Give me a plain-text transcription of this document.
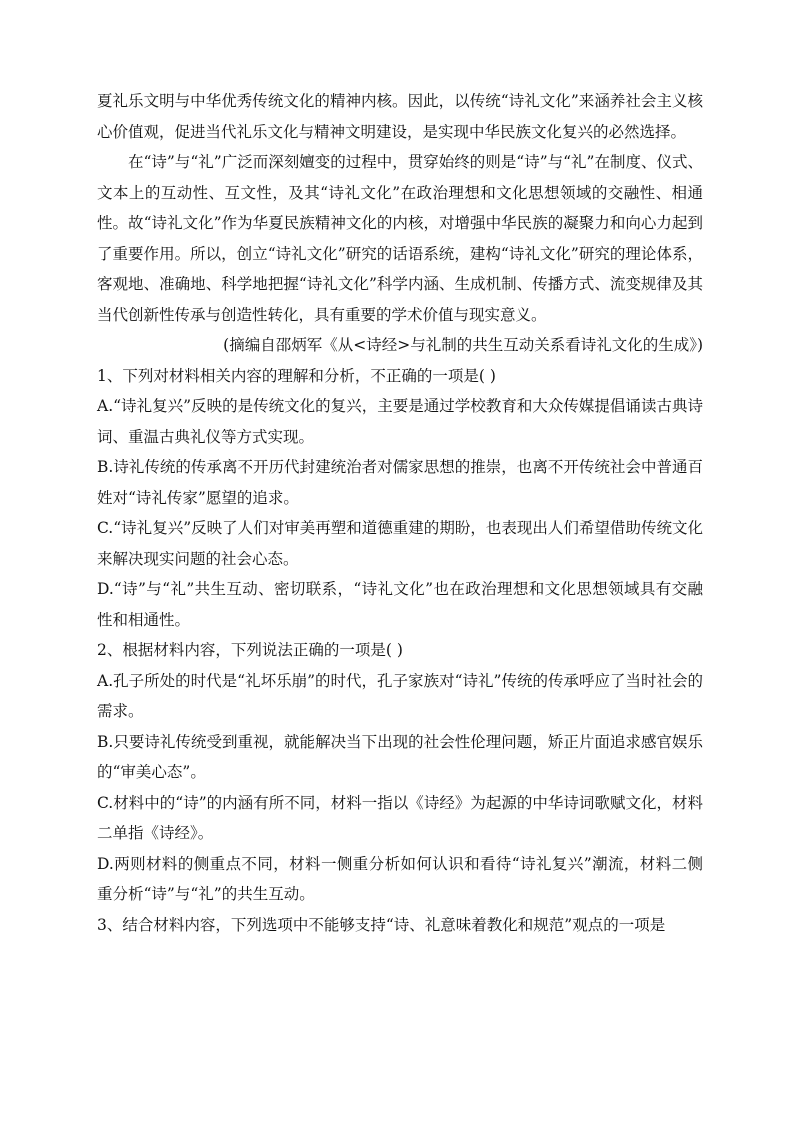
夏礼乐文明与中华优秀传统文化的精神内核。因此，以传统“诗礼文化”来涵养社会主义核心价值观，促进当代礼乐文化与精神文明建设，是实现中华民族文化复兴的必然选择。

在“诗”与“礼”广泛而深刻嬗变的过程中，贯穿始终的则是“诗”与“礼”在制度、仪式、文本上的互动性、互文性，及其“诗礼文化”在政治理想和文化思想领域的交融性、相通性。故“诗礼文化”作为华夏民族精神文化的内核，对增强中华民族的凝聚力和向心力起到了重要作用。所以，创立“诗礼文化”研究的话语系统，建构“诗礼文化”研究的理论体系，客观地、准确地、科学地把握“诗礼文化”科学内涵、生成机制、传播方式、流变规律及其当代创新性传承与创造性转化，具有重要的学术价值与现实意义。

(摘编自邵炳军《从<诗经>与礼制的共生互动关系看诗礼文化的生成》)

1、下列对材料相关内容的理解和分析，不正确的一项是( )

A.“诗礼复兴”反映的是传统文化的复兴，主要是通过学校教育和大众传媒提倡诵读古典诗词、重温古典礼仪等方式实现。

B.诗礼传统的传承离不开历代封建统治者对儒家思想的推崇，也离不开传统社会中普通百姓对“诗礼传家”愿望的追求。

C.“诗礼复兴”反映了人们对审美再塑和道德重建的期盼，也表现出人们希望借助传统文化来解决现实问题的社会心态。

D.“诗”与“礼”共生互动、密切联系，“诗礼文化”也在政治理想和文化思想领域具有交融性和相通性。

2、根据材料内容，下列说法正确的一项是( )

A.孔子所处的时代是“礼坏乐崩”的时代，孔子家族对“诗礼”传统的传承呼应了当时社会的需求。

B.只要诗礼传统受到重视，就能解决当下出现的社会性伦理问题，矫正片面追求感官娱乐的“审美心态”。

C.材料中的“诗”的内涵有所不同，材料一指以《诗经》为起源的中华诗词歌赋文化，材料二单指《诗经》。

D.两则材料的侧重点不同，材料一侧重分析如何认识和看待“诗礼复兴”潮流，材料二侧重分析“诗”与“礼”的共生互动。

3、结合材料内容，下列选项中不能够支持“诗、礼意味着教化和规范”观点的一项是
